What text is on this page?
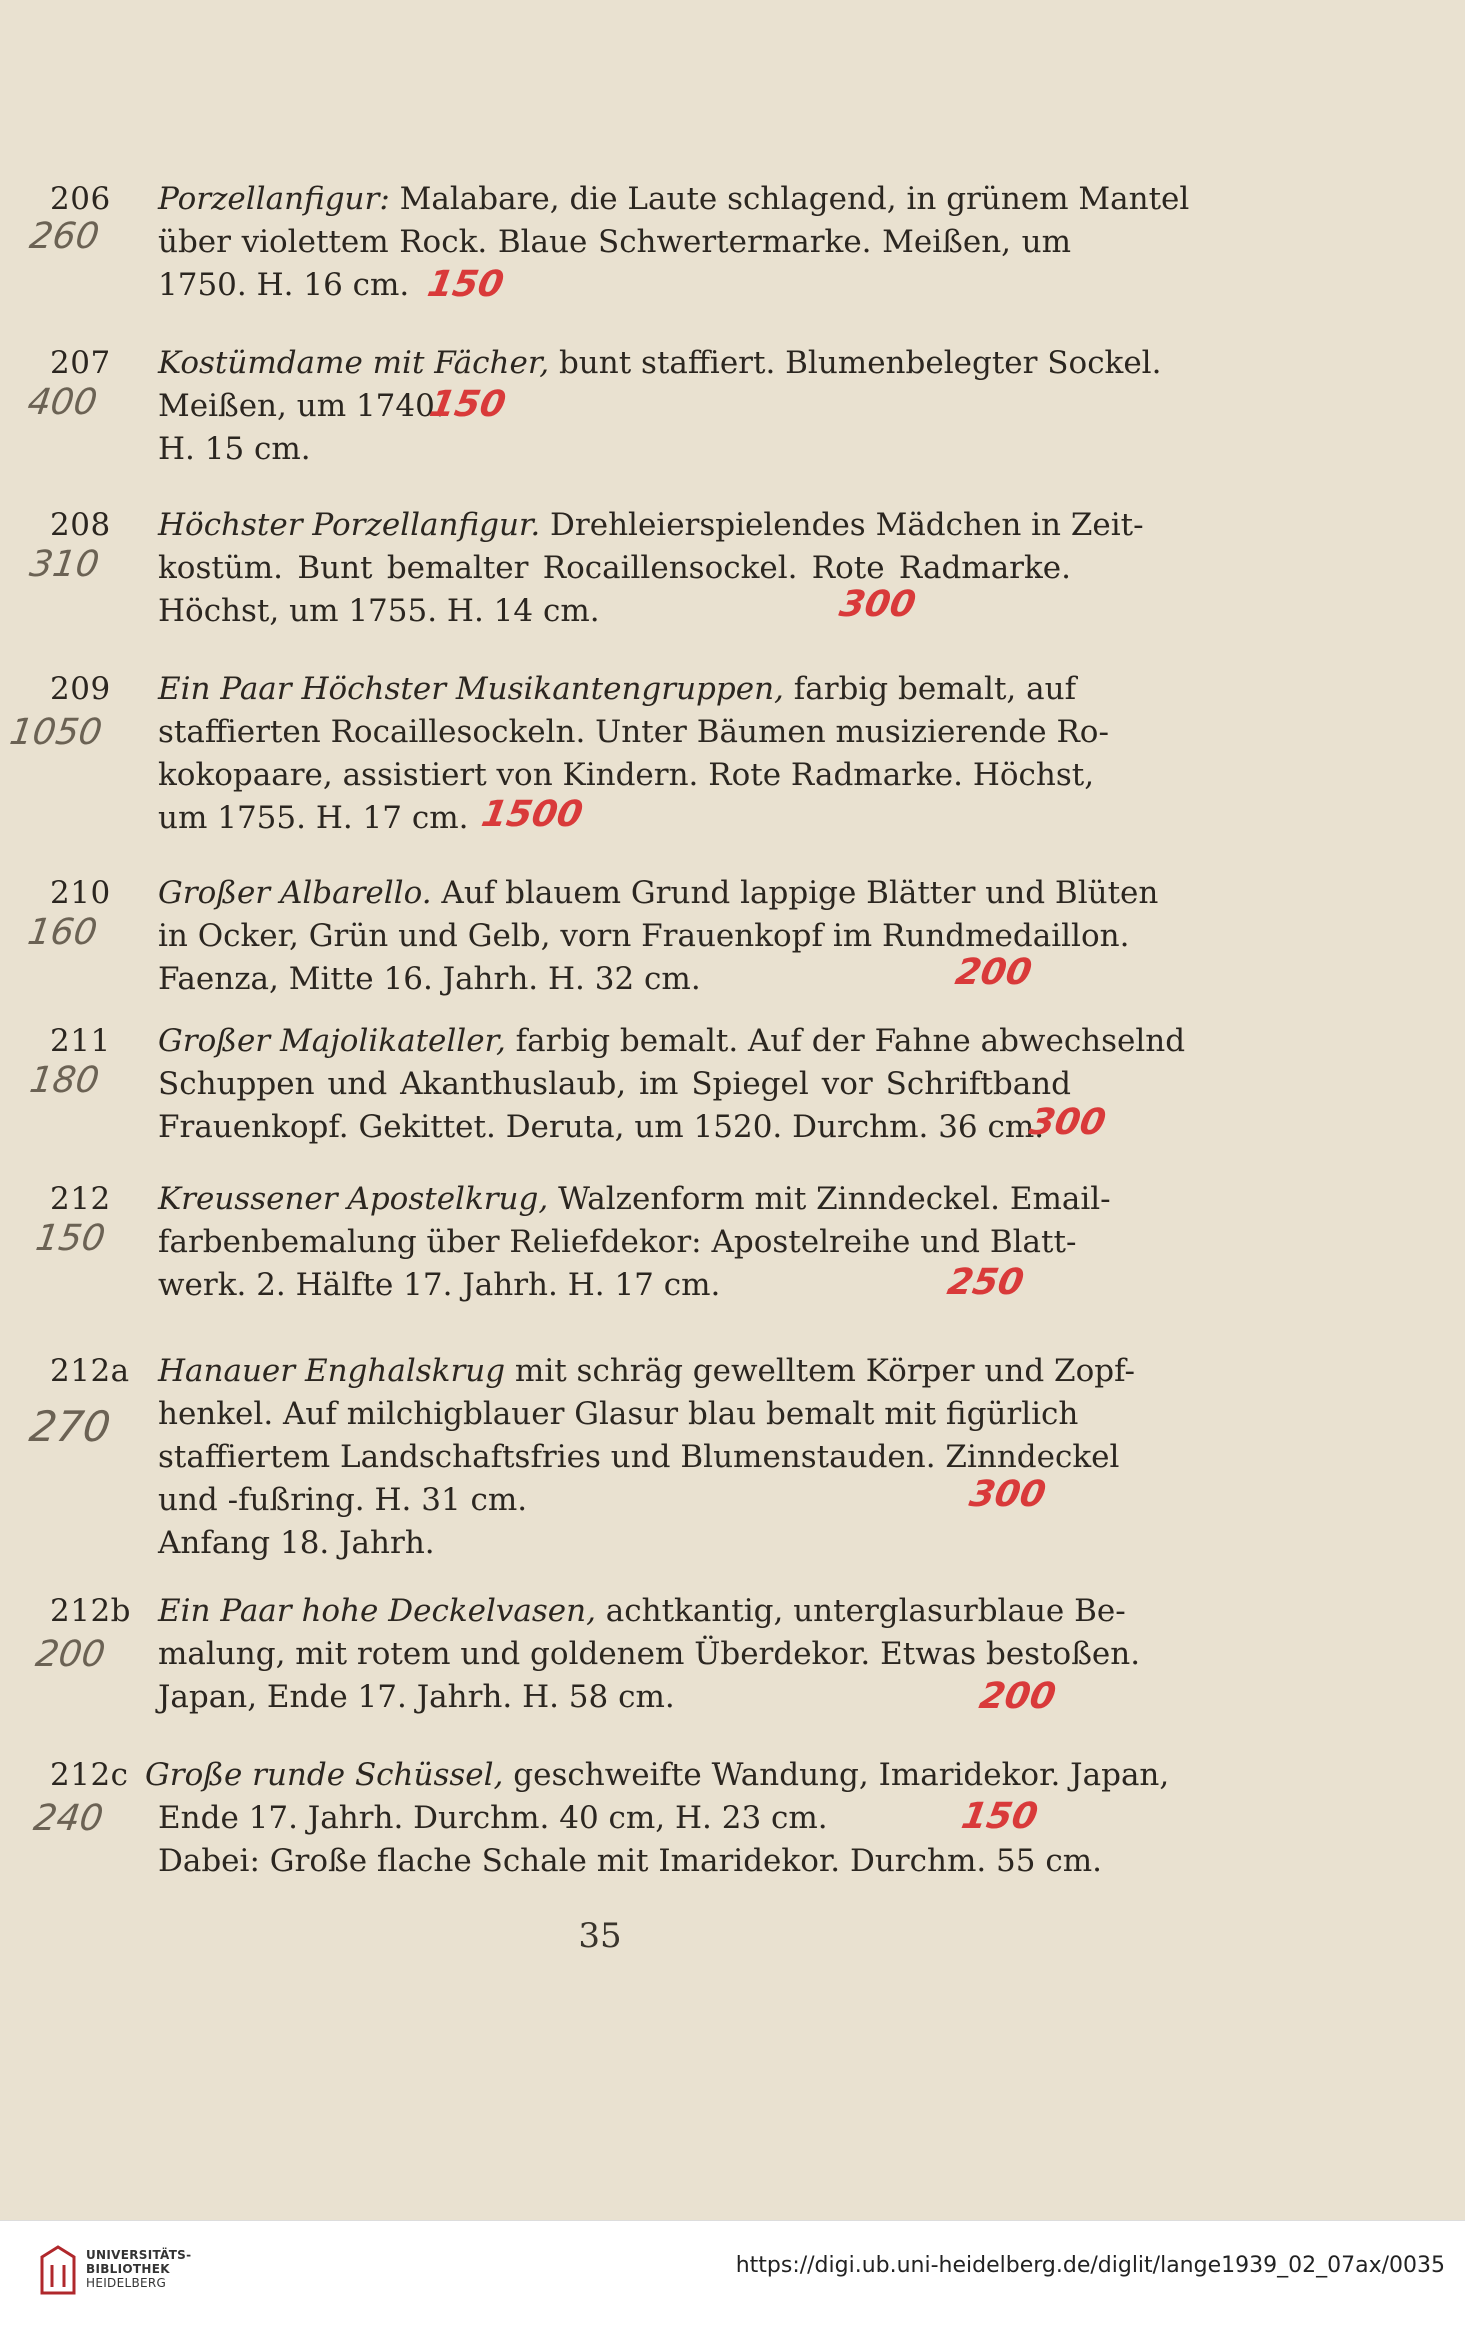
206 Porzellanfigur: Malabare, die Laute schlagend, in grünem Mantel
über violettem Rock. Blaue Schwertermarke. Meißen, um
1750. H. 16 cm.
260
150
207 Kostümdame mit Fächer, bunt staffiert. Blumenbelegter Sockel.
Meißen, um 1740.
H. 15 cm.
400	150
208 Höchster Porzellanfigur. Drehleierspielendes Mädchen in Zeit-
kostüm. Bunt bemalter Rocaillensockel. Rote Radmarke.
Höchst, um 1755. H. 14 cm.
310
300
209 Ein Paar Höchster Musikantengruppen, farbig bemalt, auf
staffierten Rocaillesockeln. Unter Bäumen musizierende Ro-
kokopaare, assistiert von Kindern. Rote Radmarke. Höchst,
um 1755. H. 17 cm.
1050
1500
210 Großer Albarello. Auf blauem Grund lappige Blätter und Blüten
in Ocker, Grün und Gelb, vorn Frauenkopf im Rundmedaillon.
Faenza, Mitte 16. Jahrh. H. 32 cm.
160
200
211 Großer Majolikateller, farbig bemalt. Auf der Fahne abwechselnd
Schuppen und Akanthuslaub, im Spiegel vor Schriftband
Frauenkopf. Gekittet. Deruta, um 1520. Durchm. 36 cm.
180
300
212 Kreussener Apostelkrug, Walzenform mit Zinndeckel. Email-
farbenbemalung über Reliefdekor: Apostelreihe und Blatt-
werk. 2. Hälfte 17. Jahrh. H. 17 cm.
150
250
212a Hanauer Enghalskrug mit schräg gewelltem Körper und Zopf-
henkel. Auf milchigblauer Glasur blau bemalt mit figürlich
staffiertem Landschaftsfries und Blumenstauden. Zinndeckel
und -fußring. H. 31 cm.
Anfang 18. Jahrh.
270
300
212b Ein Paar hohe Deckelvasen, achtkantig, unterglasurblaue Be-
malung, mit rotem und goldenem Überdekor. Etwas bestoßen.
Japan, Ende 17. Jahrh. H. 58 cm.
200
200
212c Große runde Schüssel, geschweifte Wandung, Imaridekor. Japan,
Ende 17. Jahrh. Durchm. 40 cm, H. 23 cm.
Dabei: Große flache Schale mit Imaridekor. Durchm. 55 cm.
240	150
35
UNIVERSITÄTS-
BIBLIOTHEK
HEIDELBERG
https://digi.ub.uni-heidelberg.de/diglit/lange1939_02_07ax/0035
